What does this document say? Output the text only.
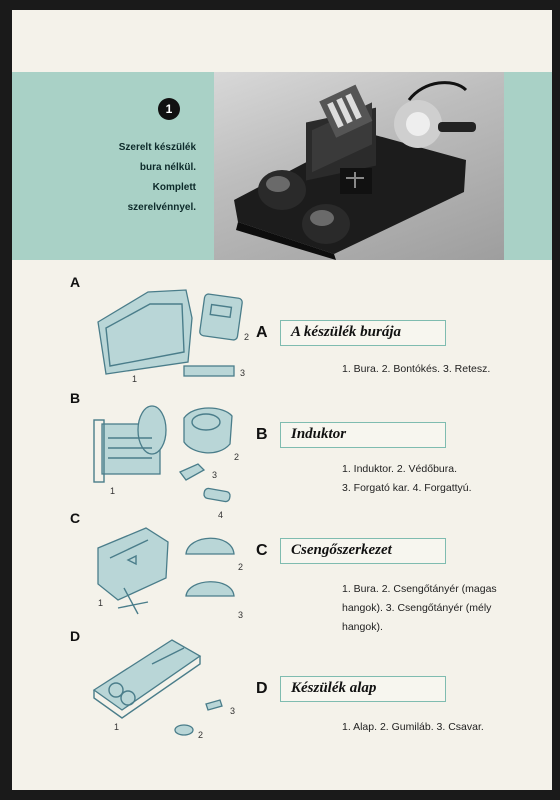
1
Szerelt készülék
bura nélkül.
Komplett
szerelvénnyel.
A
B
C
D
1
2
3
1
2
3
4
1
2
3
1
2
3
A A készülék burája
1. Bura. 2. Bontókés. 3. Retesz.
B Induktor
1. Induktor. 2. Védőbura.
3. Forgató kar. 4. Forgattyú.
C Csengőszerkezet
1. Bura. 2. Csengőtányér (magas
hangok). 3. Csengőtányér (mély
hangok).
D Készülék alap
1. Alap. 2. Gumiláb. 3. Csavar.
